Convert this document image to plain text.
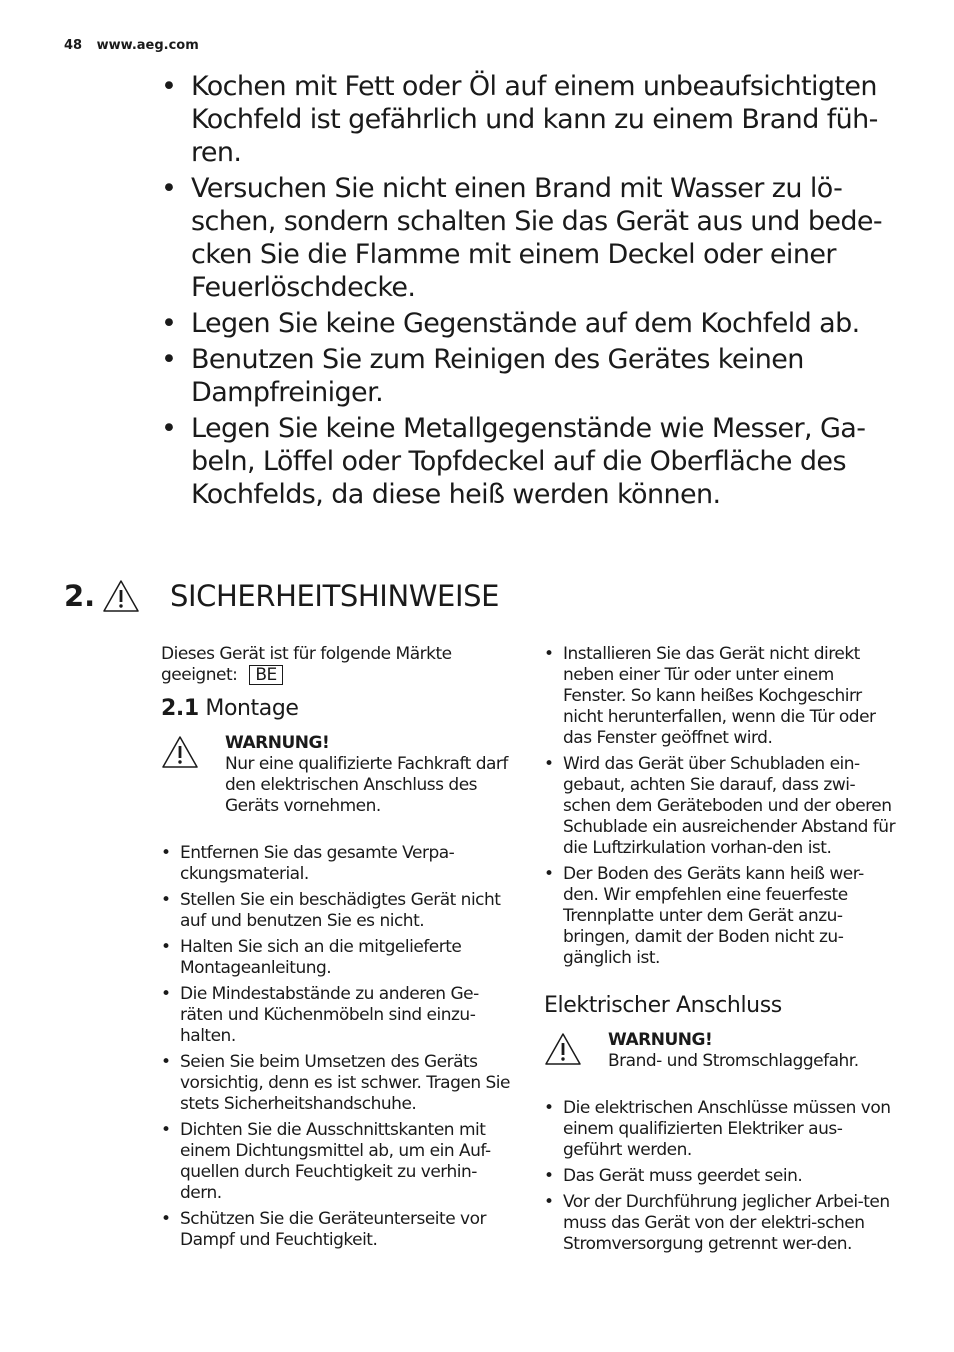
48 www.aeg.com
• Kochen mit Fett oder Öl auf einem unbeaufsichtigten Kochfeld ist gefährlich und kann zu einem Brand füh-ren.
• Versuchen Sie nicht einen Brand mit Wasser zu lö-schen, sondern schalten Sie das Gerät aus und bede-cken Sie die Flamme mit einem Deckel oder einer Feuerlöschdecke.
• Legen Sie keine Gegenstände auf dem Kochfeld ab.
• Benutzen Sie zum Reinigen des Gerätes keinen Dampfreiniger.
• Legen Sie keine Metallgegenstände wie Messer, Ga-beln, Löffel oder Topfdeckel auf die Oberfläche des Kochfelds, da diese heiß werden können.
2.	SICHERHEITSHINWEISE

Dieses Gerät ist für folgende Märkte geeignet: BE

2.1 Montage
WARNUNG!
Nur eine qualifizierte Fachkraft darf den elektrischen Anschluss des Geräts vornehmen.
• Entfernen Sie das gesamte Verpa-ckungsmaterial.
• Stellen Sie ein beschädigtes Gerät nicht auf und benutzen Sie es nicht.
• Halten Sie sich an die mitgelieferte Montageanleitung.
• Die Mindestabstände zu anderen Ge-räten und Küchenmöbeln sind einzu-halten.
• Seien Sie beim Umsetzen des Geräts vorsichtig, denn es ist schwer. Tragen Sie stets Sicherheitshandschuhe.
• Dichten Sie die Ausschnittskanten mit einem Dichtungsmittel ab, um ein Auf-quellen durch Feuchtigkeit zu verhin-dern.
• Schützen Sie die Geräteunterseite vor Dampf und Feuchtigkeit.
• Installieren Sie das Gerät nicht direkt neben einer Tür oder unter einem Fenster. So kann heißes Kochgeschirr nicht herunterfallen, wenn die Tür oder das Fenster geöffnet wird.
• Wird das Gerät über Schubladen ein-gebaut, achten Sie darauf, dass zwi-schen dem Geräteboden und der oberen Schublade ein ausreichender Abstand für die Luftzirkulation vorhan-den ist.
• Der Boden des Geräts kann heiß wer-den. Wir empfehlen eine feuerfeste Trennplatte unter dem Gerät anzu-bringen, damit der Boden nicht zu-gänglich ist.
Elektrischer Anschluss
WARNUNG!
Brand- und Stromschlaggefahr.
• Die elektrischen Anschlüsse müssen von einem qualifizierten Elektriker aus-geführt werden.
• Das Gerät muss geerdet sein.
• Vor der Durchführung jeglicher Arbei-ten muss das Gerät von der elektri-schen Stromversorgung getrennt wer-den.
